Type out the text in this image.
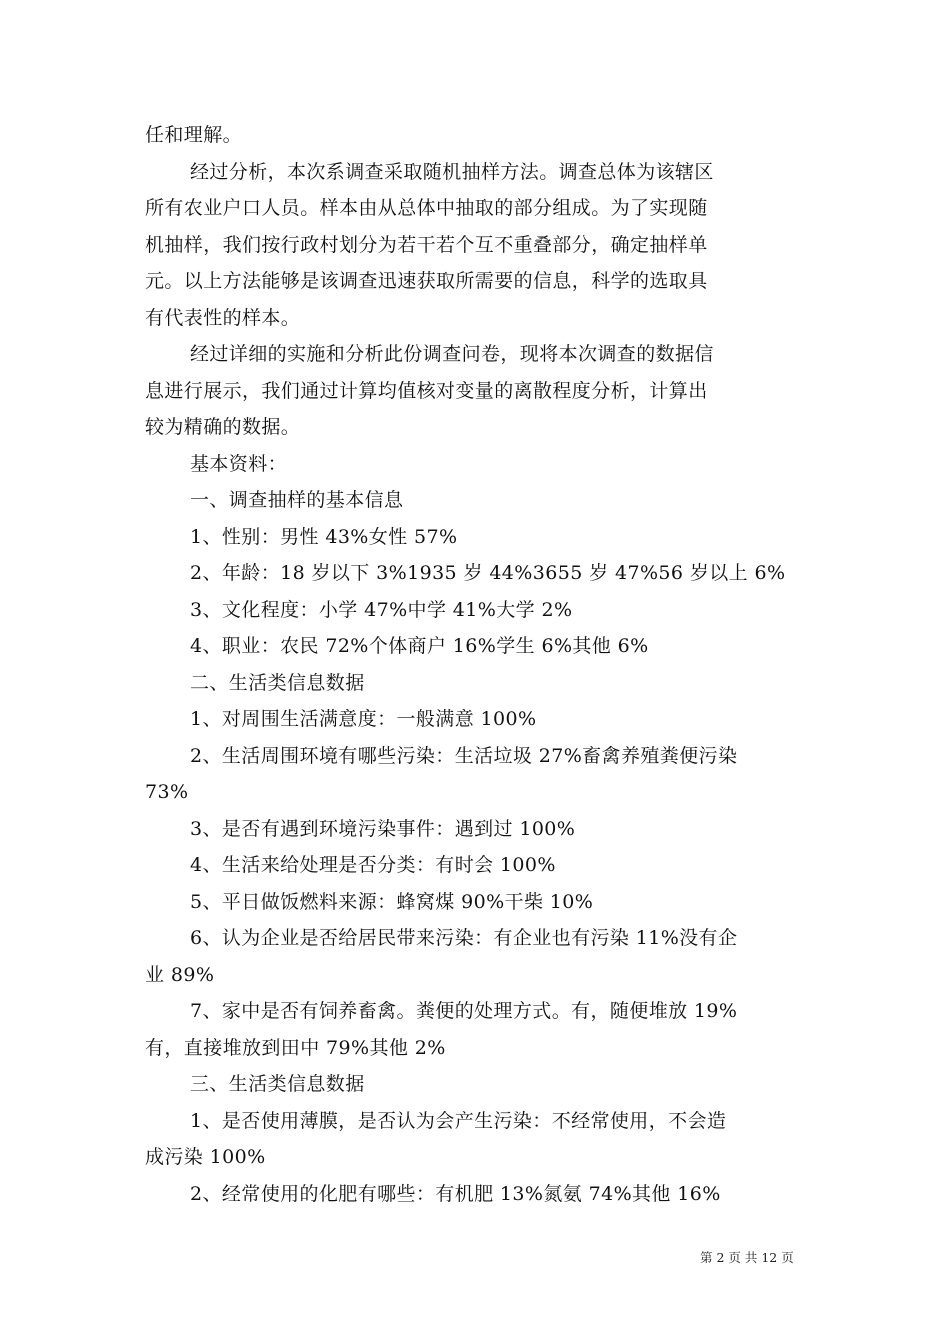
任和理解。
经过分析，本次系调查采取随机抽样方法。调查总体为该辖区
所有农业户口人员。样本由从总体中抽取的部分组成。为了实现随
机抽样，我们按行政村划分为若干若个互不重叠部分，确定抽样单
元。以上方法能够是该调查迅速获取所需要的信息，科学的选取具
有代表性的样本。
经过详细的实施和分析此份调查问卷，现将本次调查的数据信
息进行展示，我们通过计算均值核对变量的离散程度分析，计算出
较为精确的数据。
基本资料：
一、调查抽样的基本信息
1、性别：男性 43%女性 57%
2、年龄：18 岁以下 3%1935 岁 44%3655 岁 47%56 岁以上 6%
3、文化程度：小学 47%中学 41%大学 2%
4、职业：农民 72%个体商户 16%学生 6%其他 6%
二、生活类信息数据
1、对周围生活满意度：一般满意 100%
2、生活周围环境有哪些污染：生活垃圾 27%畜禽养殖粪便污染
73%
3、是否有遇到环境污染事件：遇到过 100%
4、生活来给处理是否分类：有时会 100%
5、平日做饭燃料来源：蜂窝煤 90%干柴 10%
6、认为企业是否给居民带来污染：有企业也有污染 11%没有企
业 89%
7、家中是否有饲养畜禽。粪便的处理方式。有，随便堆放 19%
有，直接堆放到田中 79%其他 2%
三、生活类信息数据
1、是否使用薄膜，是否认为会产生污染：不经常使用，不会造
成污染 100%
2、经常使用的化肥有哪些：有机肥 13%氮氨 74%其他 16%
第 2 页 共 12 页
